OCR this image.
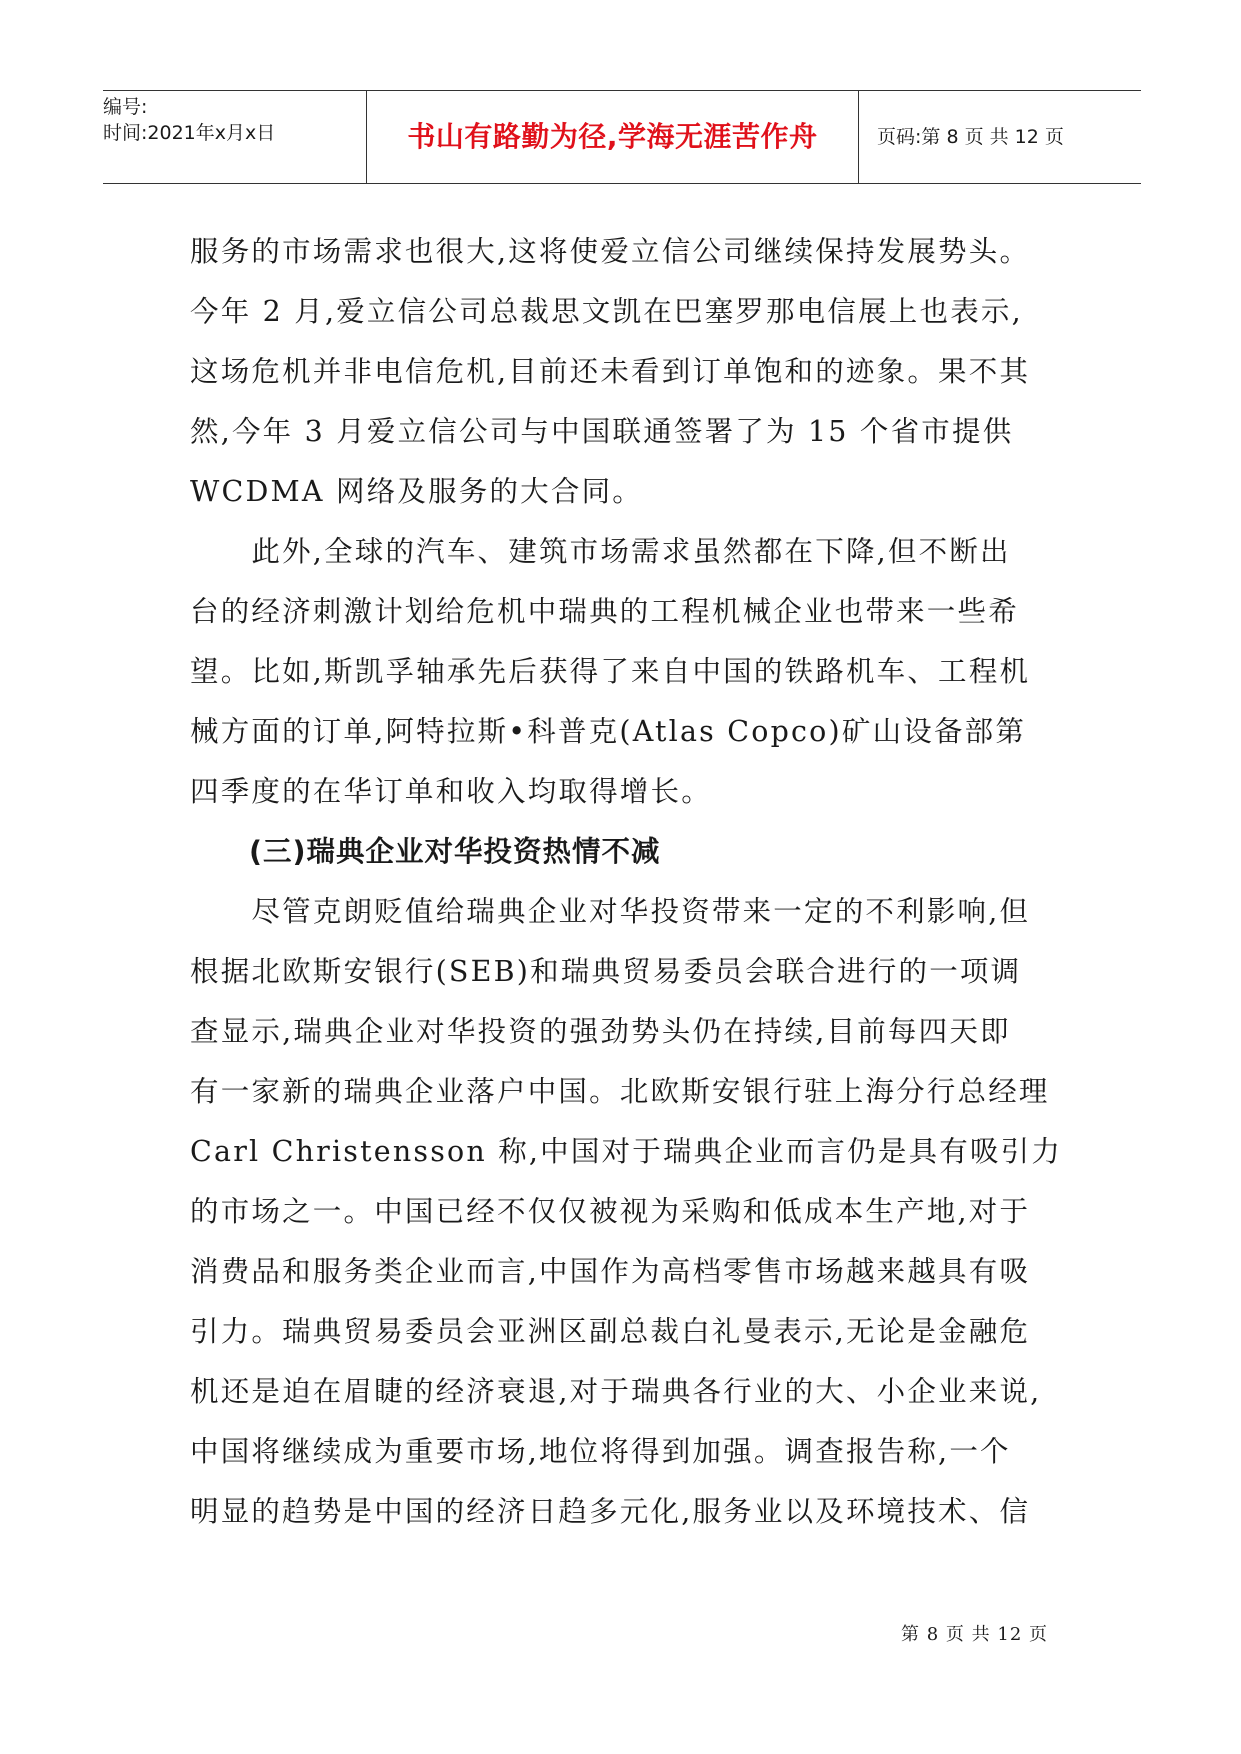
编号:
时间:2021年x月x日	书山有路勤为径,学海无涯苦作舟	页码:第 8 页 共 12 页
服务的市场需求也很大,这将使爱立信公司继续保持发展势头。
今年 2 月,爱立信公司总裁思文凯在巴塞罗那电信展上也表示,
这场危机并非电信危机,目前还未看到订单饱和的迹象。果不其
然,今年 3 月爱立信公司与中国联通签署了为 15 个省市提供
WCDMA 网络及服务的大合同。
　　此外,全球的汽车、建筑市场需求虽然都在下降,但不断出
台的经济刺激计划给危机中瑞典的工程机械企业也带来一些希
望。比如,斯凯孚轴承先后获得了来自中国的铁路机车、工程机
械方面的订单,阿特拉斯•科普克(Atlas Copco)矿山设备部第
四季度的在华订单和收入均取得增长。
　　(三)瑞典企业对华投资热情不减
　　尽管克朗贬值给瑞典企业对华投资带来一定的不利影响,但
根据北欧斯安银行(SEB)和瑞典贸易委员会联合进行的一项调
查显示,瑞典企业对华投资的强劲势头仍在持续,目前每四天即
有一家新的瑞典企业落户中国。北欧斯安银行驻上海分行总经理
Carl Christensson 称,中国对于瑞典企业而言仍是具有吸引力
的市场之一。中国已经不仅仅被视为采购和低成本生产地,对于
消费品和服务类企业而言,中国作为高档零售市场越来越具有吸
引力。瑞典贸易委员会亚洲区副总裁白礼曼表示,无论是金融危
机还是迫在眉睫的经济衰退,对于瑞典各行业的大、小企业来说,
中国将继续成为重要市场,地位将得到加强。调查报告称,一个
明显的趋势是中国的经济日趋多元化,服务业以及环境技术、信
第 8 页 共 12 页
